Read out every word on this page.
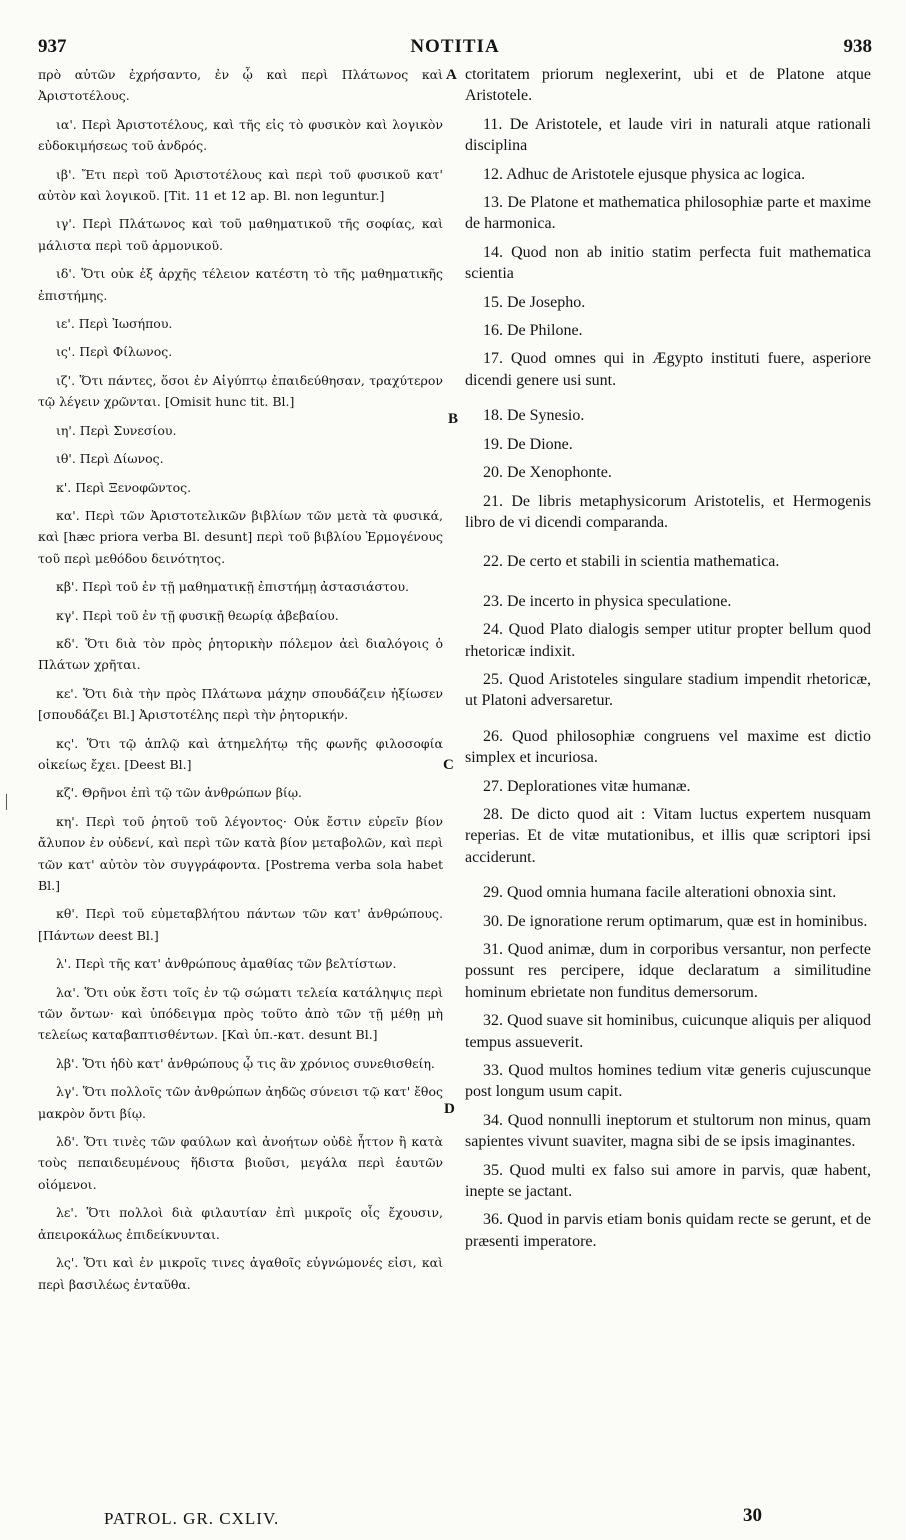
937	NOTITIA	938

πρὸ αὐτῶν ἐχρήσαντο, ἐν ᾧ καὶ περὶ Πλάτωνος καὶ Ἀριστοτέλους.

ια'. Περὶ Ἀριστοτέλους, καὶ τῆς εἰς τὸ φυσικὸν καὶ λογικὸν εὐδοκιμήσεως τοῦ ἀνδρός.

ιβ'. Ἔτι περὶ τοῦ Ἀριστοτέλους καὶ περὶ τοῦ φυσικοῦ κατ' αὐτὸν καὶ λογικοῦ. [Tit. 11 et 12 ap. Bl. non leguntur.]

ιγ'. Περὶ Πλάτωνος καὶ τοῦ μαθηματικοῦ τῆς σοφίας, καὶ μάλιστα περὶ τοῦ ἁρμονικοῦ.

ιδ'. Ὅτι οὐκ ἐξ ἀρχῆς τέλειον κατέστη τὸ τῆς μαθηματικῆς ἐπιστήμης.

ιε'. Περὶ Ἰωσήπου.

ις'. Περὶ Φίλωνος.

ιζ'. Ὅτι πάντες, ὅσοι ἐν Αἰγύπτῳ ἐπαιδεύθησαν, τραχύτερον τῷ λέγειν χρῶνται. [Omisit hunc tit. Bl.]

ιη'. Περὶ Συνεσίου.

ιθ'. Περὶ Δίωνος.

κ'. Περὶ Ξενοφῶντος.

κα'. Περὶ τῶν Ἀριστοτελικῶν βιβλίων τῶν μετὰ τὰ φυσικά, καὶ [hæc priora verba Bl. desunt] περὶ τοῦ βιβλίου Ἑρμογένους τοῦ περὶ μεθόδου δεινότητος.

κβ'. Περὶ τοῦ ἐν τῇ μαθηματικῇ ἐπιστήμῃ ἀστασιάστου.

κγ'. Περὶ τοῦ ἐν τῇ φυσικῇ θεωρίᾳ ἀβεβαίου.

κδ'. Ὅτι διὰ τὸν πρὸς ῥητορικὴν πόλεμον ἀεὶ διαλόγοις ὁ Πλάτων χρῆται.

κε'. Ὅτι διὰ τὴν πρὸς Πλάτωνα μάχην σπουδάζειν ἠξίωσεν [σπουδάζει Bl.] Ἀριστοτέλης περὶ τὴν ῥητορικήν.

κς'. Ὅτι τῷ ἁπλῷ καὶ ἀτημελήτῳ τῆς φωνῆς φιλοσοφία οἰκείως ἔχει. [Deest Bl.]

κζ'. Θρῆνοι ἐπὶ τῷ τῶν ἀνθρώπων βίῳ.

κη'. Περὶ τοῦ ῥητοῦ τοῦ λέγοντος· Οὐκ ἔστιν εὑρεῖν βίον ἄλυπον ἐν οὐδενί, καὶ περὶ τῶν κατὰ βίον μεταβολῶν, καὶ περὶ τῶν κατ' αὐτὸν τὸν συγγράφοντα. [Postrema verba sola habet Bl.]

κθ'. Περὶ τοῦ εὐμεταβλήτου πάντων τῶν κατ' ἀνθρώπους. [Πάντων deest Bl.]

λ'. Περὶ τῆς κατ' ἀνθρώπους ἀμαθίας τῶν βελτίστων.

λα'. Ὅτι οὐκ ἔστι τοῖς ἐν τῷ σώματι τελεία κατάληψις περὶ τῶν ὄντων· καὶ ὑπόδειγμα πρὸς τοῦτο ἀπὸ τῶν τῇ μέθῃ μὴ τελείως καταβαπτισθέντων. [Καὶ ὑπ.-κατ. desunt Bl.]

λβ'. Ὅτι ἡδὺ κατ' ἀνθρώπους ᾧ τις ἂν χρόνιος συνεθισθείη.

λγ'. Ὅτι πολλοῖς τῶν ἀνθρώπων ἀηδῶς σύνεισι τῷ κατ' ἔθος μακρὸν ὄντι βίῳ.

λδ'. Ὅτι τινὲς τῶν φαύλων καὶ ἀνοήτων οὐδὲ ἧττον ἢ κατὰ τοὺς πεπαιδευμένους ἥδιστα βιοῦσι, μεγάλα περὶ ἑαυτῶν οἰόμενοι.

λε'. Ὅτι πολλοὶ διὰ φιλαυτίαν ἐπὶ μικροῖς οἷς ἔχουσιν, ἀπειροκάλως ἐπιδείκνυνται.

λς'. Ὅτι καὶ ἐν μικροῖς τινες ἀγαθοῖς εὐγνώμονές εἰσι, καὶ περὶ βασιλέως ἐνταῦθα.

ctoritatem priorum neglexerint, ubi et de Platone atque Aristotele.

11. De Aristotele, et laude viri in naturali atque rationali disciplina

12. Adhuc de Aristotele ejusque physica ac logica.

13. De Platone et mathematica philosophiæ parte et maxime de harmonica.

14. Quod non ab initio statim perfecta fuit mathematica scientia

15. De Josepho.

16. De Philone.

17. Quod omnes qui in Ægypto instituti fuere, asperiore dicendi genere usi sunt.

18. De Synesio.

19. De Dione.

20. De Xenophonte.

21. De libris metaphysicorum Aristotelis, et Hermogenis libro de vi dicendi comparanda.

22. De certo et stabili in scientia mathematica.

23. De incerto in physica speculatione.

24. Quod Plato dialogis semper utitur propter bellum quod rhetoricæ indixit.

25. Quod Aristoteles singulare stadium impendit rhetoricæ, ut Platoni adversaretur.

26. Quod philosophiæ congruens vel maxime est dictio simplex et incuriosa.

27. Deplorationes vitæ humanæ.

28. De dicto quod ait : Vitam luctus expertem nusquam reperias. Et de vitæ mutationibus, et illis quæ scriptori ipsi acciderunt.

29. Quod omnia humana facile alterationi obnoxia sint.

30. De ignoratione rerum optimarum, quæ est in hominibus.

31. Quod animæ, dum in corporibus versantur, non perfecte possunt res percipere, idque declaratum a similitudine hominum ebrietate non funditus demersorum.

32. Quod suave sit hominibus, cuicunque aliquis per aliquod tempus assueverit.

33. Quod multos homines tedium vitæ generis cujuscunque post longum usum capit.

34. Quod nonnulli ineptorum et stultorum non minus, quam sapientes vivunt suaviter, magna sibi de se ipsis imaginantes.

35. Quod multi ex falso sui amore in parvis, quæ habent, inepte se jactant.

36. Quod in parvis etiam bonis quidam recte se gerunt, et de præsenti imperatore.

A
B
C
D
PATROL. GR. CXLIV.	30
